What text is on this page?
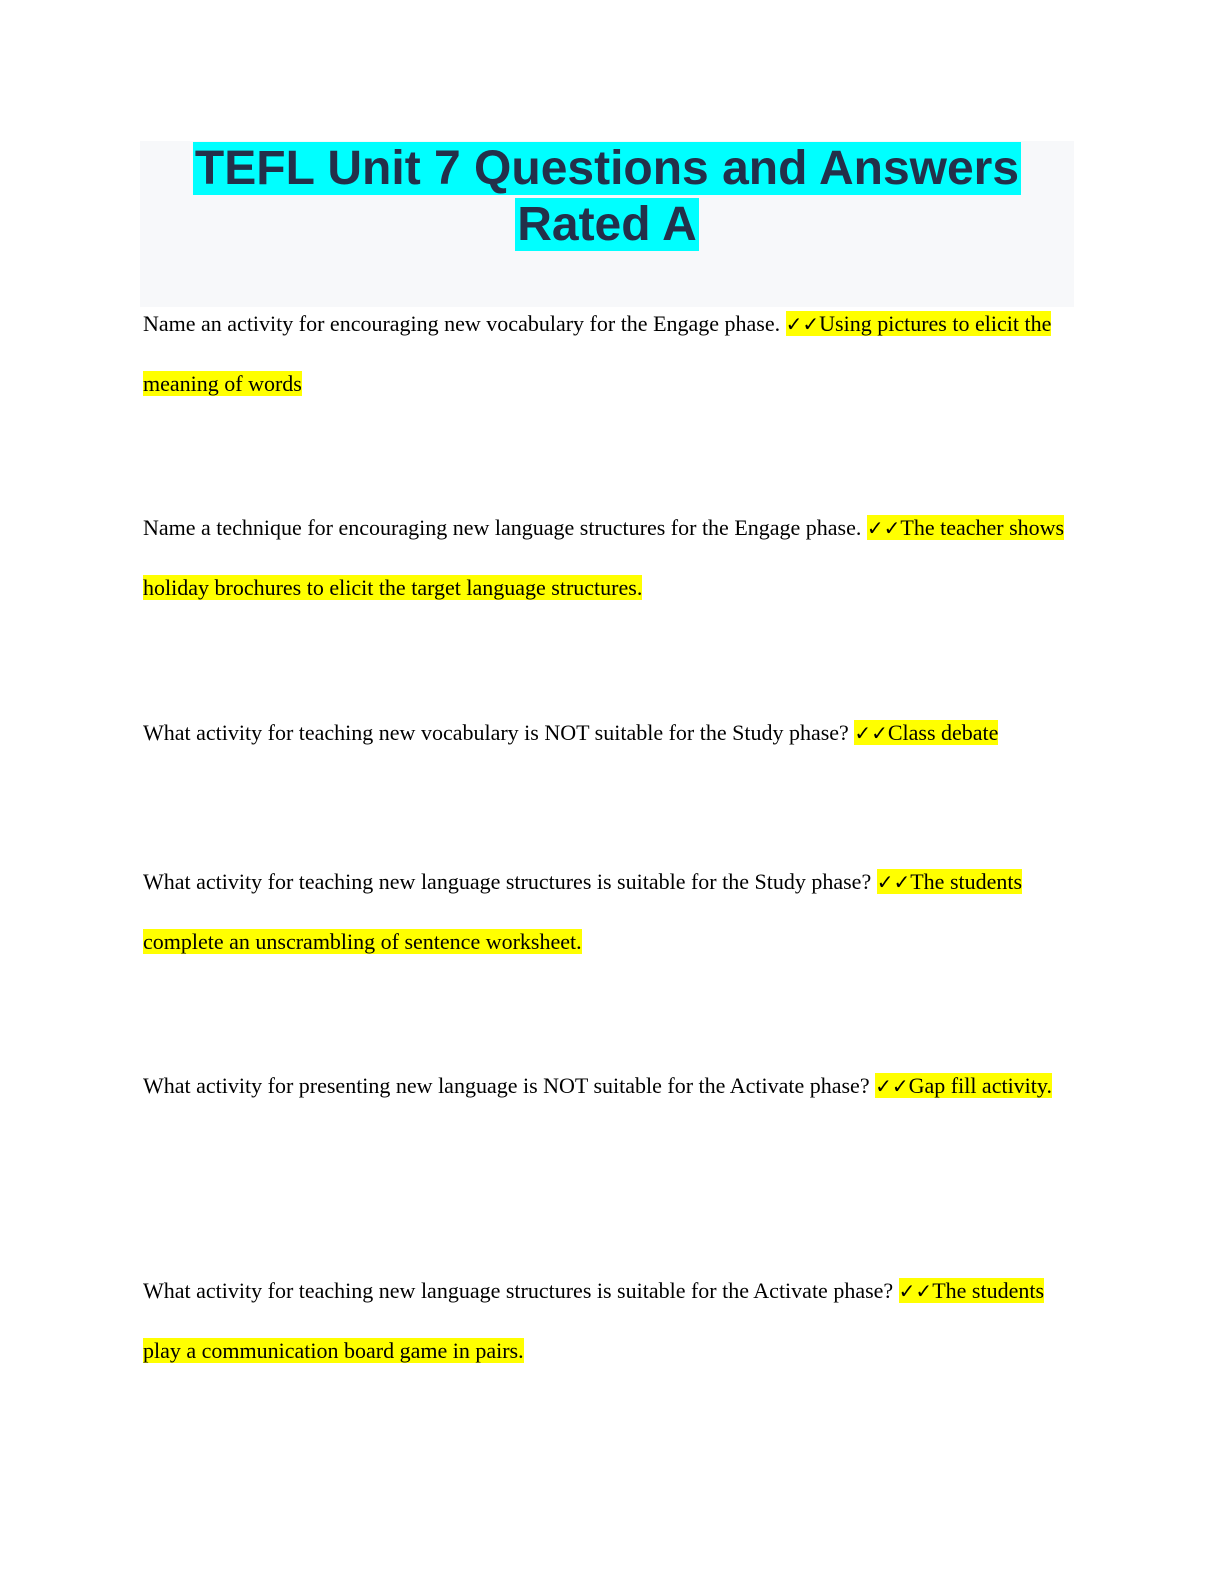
TEFL Unit 7 Questions and Answers
Rated A

Name an activity for encouraging new vocabulary for the Engage phase. ✓✓Using pictures to elicit the meaning of words

Name a technique for encouraging new language structures for the Engage phase. ✓✓The teacher shows holiday brochures to elicit the target language structures.

What activity for teaching new vocabulary is NOT suitable for the Study phase? ✓✓Class debate

What activity for teaching new language structures is suitable for the Study phase? ✓✓The students complete an unscrambling of sentence worksheet.

What activity for presenting new language is NOT suitable for the Activate phase? ✓✓Gap fill activity.

What activity for teaching new language structures is suitable for the Activate phase? ✓✓The students play a communication board game in pairs.
